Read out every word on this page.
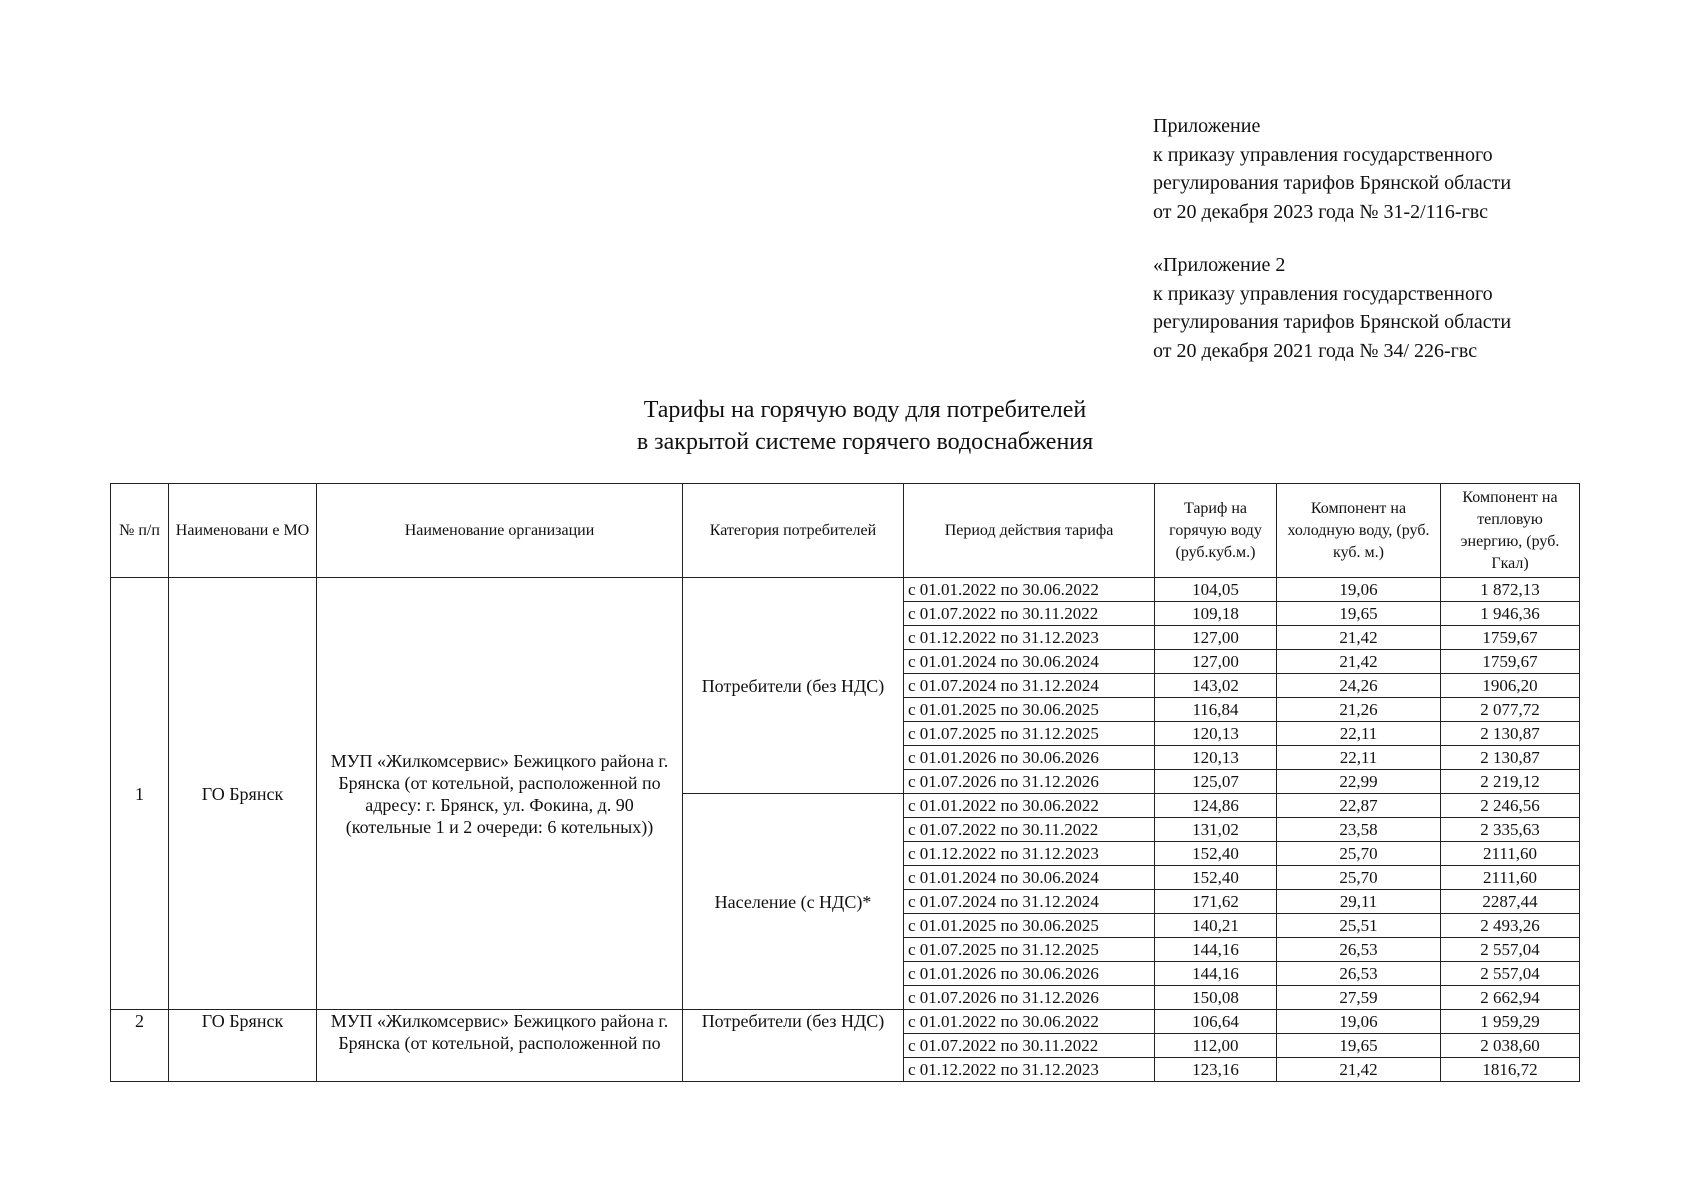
Приложение
к приказу управления государственного
регулирования тарифов Брянской области
от 20 декабря 2023 года № 31-2/116-гвс
«Приложение 2
к приказу управления государственного
регулирования тарифов Брянской области
от 20 декабря 2021 года № 34/ 226-гвс
Тарифы на горячую воду для потребителей
в закрытой системе горячего водоснабжения
№ п/п	Наименовани е МО	Наименование организации	Категория потребителей	Период действия тарифа	Тариф на горячую воду (руб.куб.м.)	Компонент на холодную воду, (руб. куб. м.)	Компонент на тепловую энергию, (руб. Гкал)
1	ГО Брянск	МУП «Жилкомсервис» Бежицкого района г. Брянска (от котельной, расположенной по адресу: г. Брянск, ул. Фокина, д. 90 (котельные 1 и 2 очереди: 6 котельных))	Потребители (без НДС)	с 01.01.2022 по 30.06.2022	104,05	19,06	1 872,13
				с 01.07.2022 по 30.11.2022	109,18	19,65	1 946,36
				с 01.12.2022 по 31.12.2023	127,00	21,42	1759,67
				с 01.01.2024 по 30.06.2024	127,00	21,42	1759,67
				с 01.07.2024 по 31.12.2024	143,02	24,26	1906,20
				с 01.01.2025 по 30.06.2025	116,84	21,26	2 077,72
				с 01.07.2025 по 31.12.2025	120,13	22,11	2 130,87
				с 01.01.2026 по 30.06.2026	120,13	22,11	2 130,87
				с 01.07.2026 по 31.12.2026	125,07	22,99	2 219,12
			Население (с НДС)*	с 01.01.2022 по 30.06.2022	124,86	22,87	2 246,56
				с 01.07.2022 по 30.11.2022	131,02	23,58	2 335,63
				с 01.12.2022 по 31.12.2023	152,40	25,70	2111,60
				с 01.01.2024 по 30.06.2024	152,40	25,70	2111,60
				с 01.07.2024 по 31.12.2024	171,62	29,11	2287,44
				с 01.01.2025 по 30.06.2025	140,21	25,51	2 493,26
				с 01.07.2025 по 31.12.2025	144,16	26,53	2 557,04
				с 01.01.2026 по 30.06.2026	144,16	26,53	2 557,04
				с 01.07.2026 по 31.12.2026	150,08	27,59	2 662,94
2	ГО Брянск	МУП «Жилкомсервис» Бежицкого района г. Брянска (от котельной, расположенной по	Потребители (без НДС)	с 01.01.2022 по 30.06.2022	106,64	19,06	1 959,29
				с 01.07.2022 по 30.11.2022	112,00	19,65	2 038,60
				с 01.12.2022 по 31.12.2023	123,16	21,42	1816,72
